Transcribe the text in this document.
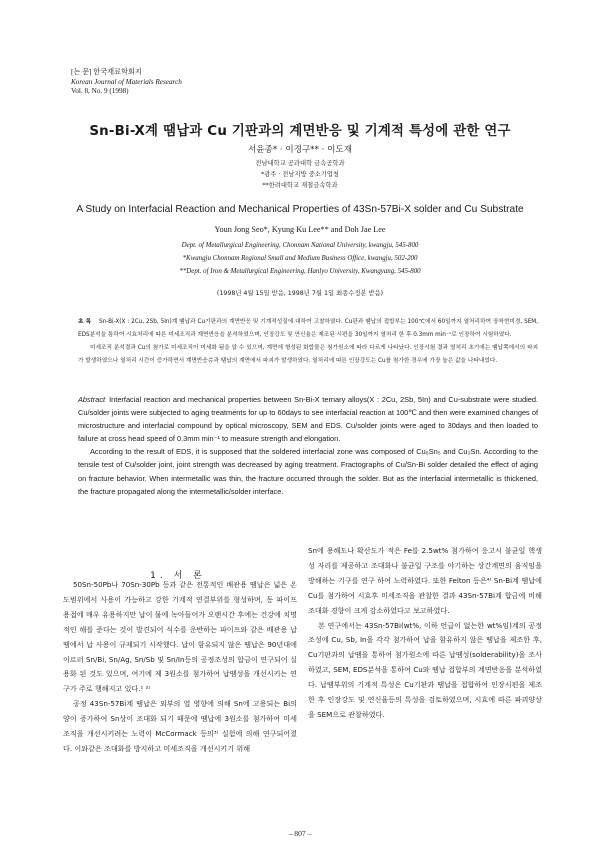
[논 문] 한국재료학회지
Korean Journal of Materials Research
Vol. 8, No. 9 (1998)
Sn-Bi-X계 땜납과 Cu 기판과의 계면반응 및 기계적 특성에 관한 연구
서윤종* · 이경구** · 이도재
전남대학교 공과대학 금속공학과
*광주 · 전남지방 중소기업청
**한려대학교 재철금속학과
A Study on Interfacial Reaction and Mechanical Properties of 43Sn-57Bi-X solder and Cu Substrate
Youn Jong Seo*, Kyung Ku Lee** and Doh Jae Lee
Dept. of Metallurgical Engineering, Chonnam National University, kwangju, 545-800
*Kwangju Chonnam Regional Small and Medium Business Office, kwangju, 502-200
**Dept. of Iron & Metallurgical Engineering, Hanlyo University, Kwangyang, 545-800
(1998년 4월 15일 받음, 1998년 7월 1일 최종수정본 받음)

초 록 Sn-Bi-X(X : 2Cu, 2Sb, 5In)계 땜납과 Cu기판과의 계면반응 및 기계적성질에 대하여 고찰하였다. Cu판과 땜납의 접합부는 100℃에서 60일까지 열처리하여 장착현미경, SEM, EDS분석을 통하여 시효처리에 따른 미세조직과 계면반응을 분석하였으며, 인장강도 및 연신율은 제조된 시편을 30일까지 열처리 한 후 0.3mm min⁻¹로 인장하여 시험하였다.

미세조직 분석결과 Cu의 첨가로 미세조직이 미세화 됨을 알 수 있으며, 계면에 형성된 화합물은 첨가원소에 따라 다르게 나타났다. 인장시험 결과 열처리 초기에는 땜납쪽에서의 파괴가 발생하였으나 열처리 시간이 증가하면서 계면반응층과 땜납의 계면에서 파괴가 발생하였다. 열처리에 따른 인장강도는 Cu를 첨가한 경우에 가장 높은 값을 나타내었다.

Abstract Interfacial reaction and mechanical properties between Sn-Bi-X ternary alloys(X : 2Cu, 2Sb, 5In) and Cu-substrate were studied. Cu/solder joints were subjected to aging treatments for up to 60days to see interfacial reaction at 100℃ and then were examined changes of microstructure and interfacial compound by optical microscopy, SEM and EDS. Cu/solder joints were aged to 30days and then loaded to failure at cross head speed of 0.3mm min⁻¹ to measure strength and elongation.

According to the result of EDS, it is supposed that the soldered interfacial zone was composed of Cu₆Sn₅ and Cu₃Sn. According to the tensile test of Cu/solder joint, joint strength was decreased by aging treatment. Fractographs of Cu/Sn-Bi solder detailed the effect of aging on fracture behavior. When intermetallic was thin, the fracture occurred through the solder. But as the interfacial intermetallic is thickened, the fracture propagated along the intermetallic/solder interface.

1. 서 론

50Sn-50Pb나 70Sn-30Pb 등과 같은 전통적인 배관용 땜납은 넓은 온도범위에서 사용이 가능하고 강한 기계적 연결부위를 형성하며, 동 파이프 용접에 매우 유용하지만 납이 물에 녹아들어가 오랜시간 후에는 건강에 치명적인 해를 준다는 것이 발견되어 식수를 운반하는 파이프와 같은 배관용 납땜에서 납 사용이 규제되기 시작했다. 납이 함유되지 않은 땜납은 90년대에 이르러 Sn/Bi, Sn/Ag, Sn/Sb 및 Sn/In등의 공정조성의 합금이 연구되어 실용화 된 것도 있으며, 여기에 제 3원소를 첨가하여 납땜성을 개선시키는 연구가 주로 행해지고 있다.¹ ²⁾

공정 43Sn-57Bi계 땜납은 외부의 열 영향에 의해 Sn에 고용되는 Bi의 양이 증가하여 Sn상이 조대화 되기 때문에 땜납에 3원소를 첨가하여 미세 조직을 개선시키려는 노력이 McCormack 등의³⁾ 실험에 의해 연구되어졌다. 이와같은 조대화를 방지하고 미세조직을 개선시키기 위해

Sn에 용해도나 확산도가 적은 Fe를 2.5wt% 첨가하여 응고시 불균일 핵생성 자리를 제공하고 조대화나 불균일 구조를 야기하는 상간계면의 움직임을 방해하는 기구를 연구 하여 노력하였다. 또한 Felton 등은⁴⁾ Sn-Bi계 땜납에 Cu를 첨가하여 시효후 미세조직을 관찰한 결과 43Sn-57Bi계 합금에 비해 조대화 경향이 크게 감소하였다고 보고하였다.

본 연구에서는 43Sn-57Bi(wt%, 이하 언급이 없는한 wt%임)계의 공정조성에 Cu, Sb, In을 각각 첨가하여 납을 함유하지 않은 땜납을 제조한 후, Cu기판과의 납땜을 통하여 첨가원소에 따른 납땜성(solderability)을 조사하였고, SEM, EDS분석을 통하여 Cu와 땜납 접합부의 계면반응을 분석하였다. 납땜부위의 기계적 특성은 Cu기판과 땜납을 접합하여 인장시편을 제조한 후 인장강도 및 연신율등의 특성을 검토하였으며, 시효에 따른 파괴양상을 SEM으로 관찰하였다.

– 807 –
